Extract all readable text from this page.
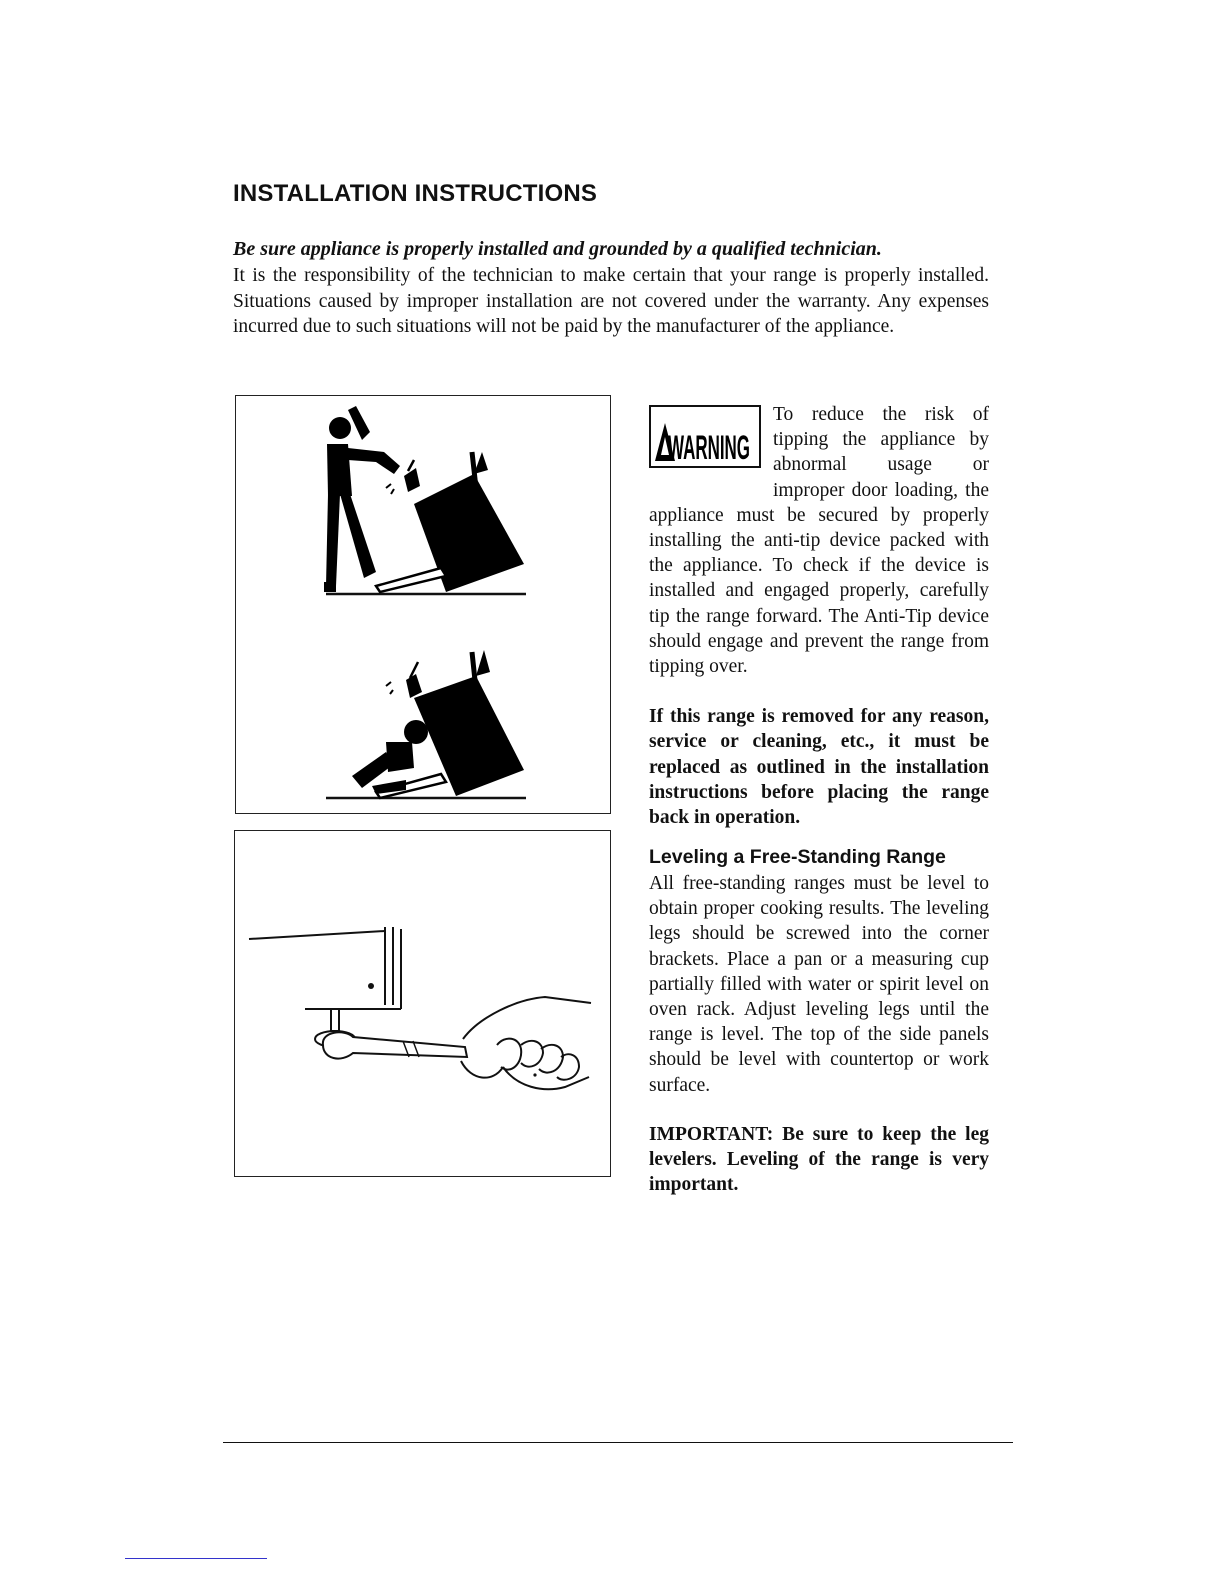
INSTALLATION INSTRUCTIONS

Be sure appliance is properly installed and grounded by a qualified technician.

It is the responsibility of the technician to make certain that your range is properly installed. Situations caused by improper installation are not covered under the warranty. Any expenses incurred due to such situations will not be paid by the manufacturer of the appliance.

WARNING

To reduce the risk of tipping the appliance by abnormal usage or improper door loading, the appliance must be secured by properly installing the anti-tip device packed with the appliance. To check if the device is installed and engaged properly, carefully tip the range forward. The Anti-Tip device should engage and prevent the range from tipping over.

If this range is removed for any reason, service or cleaning, etc., it must be replaced as outlined in the installation instructions before placing the range back in operation.

Leveling a Free-Standing Range

All free-standing ranges must be level to obtain proper cooking results. The leveling legs should be screwed into the corner brackets. Place a pan or a measuring cup partially filled with water or spirit level on oven rack. Adjust leveling legs until the range is level. The top of the side panels should be level with countertop or work surface.

IMPORTANT: Be sure to keep the leg levelers. Leveling of the range is very important.
